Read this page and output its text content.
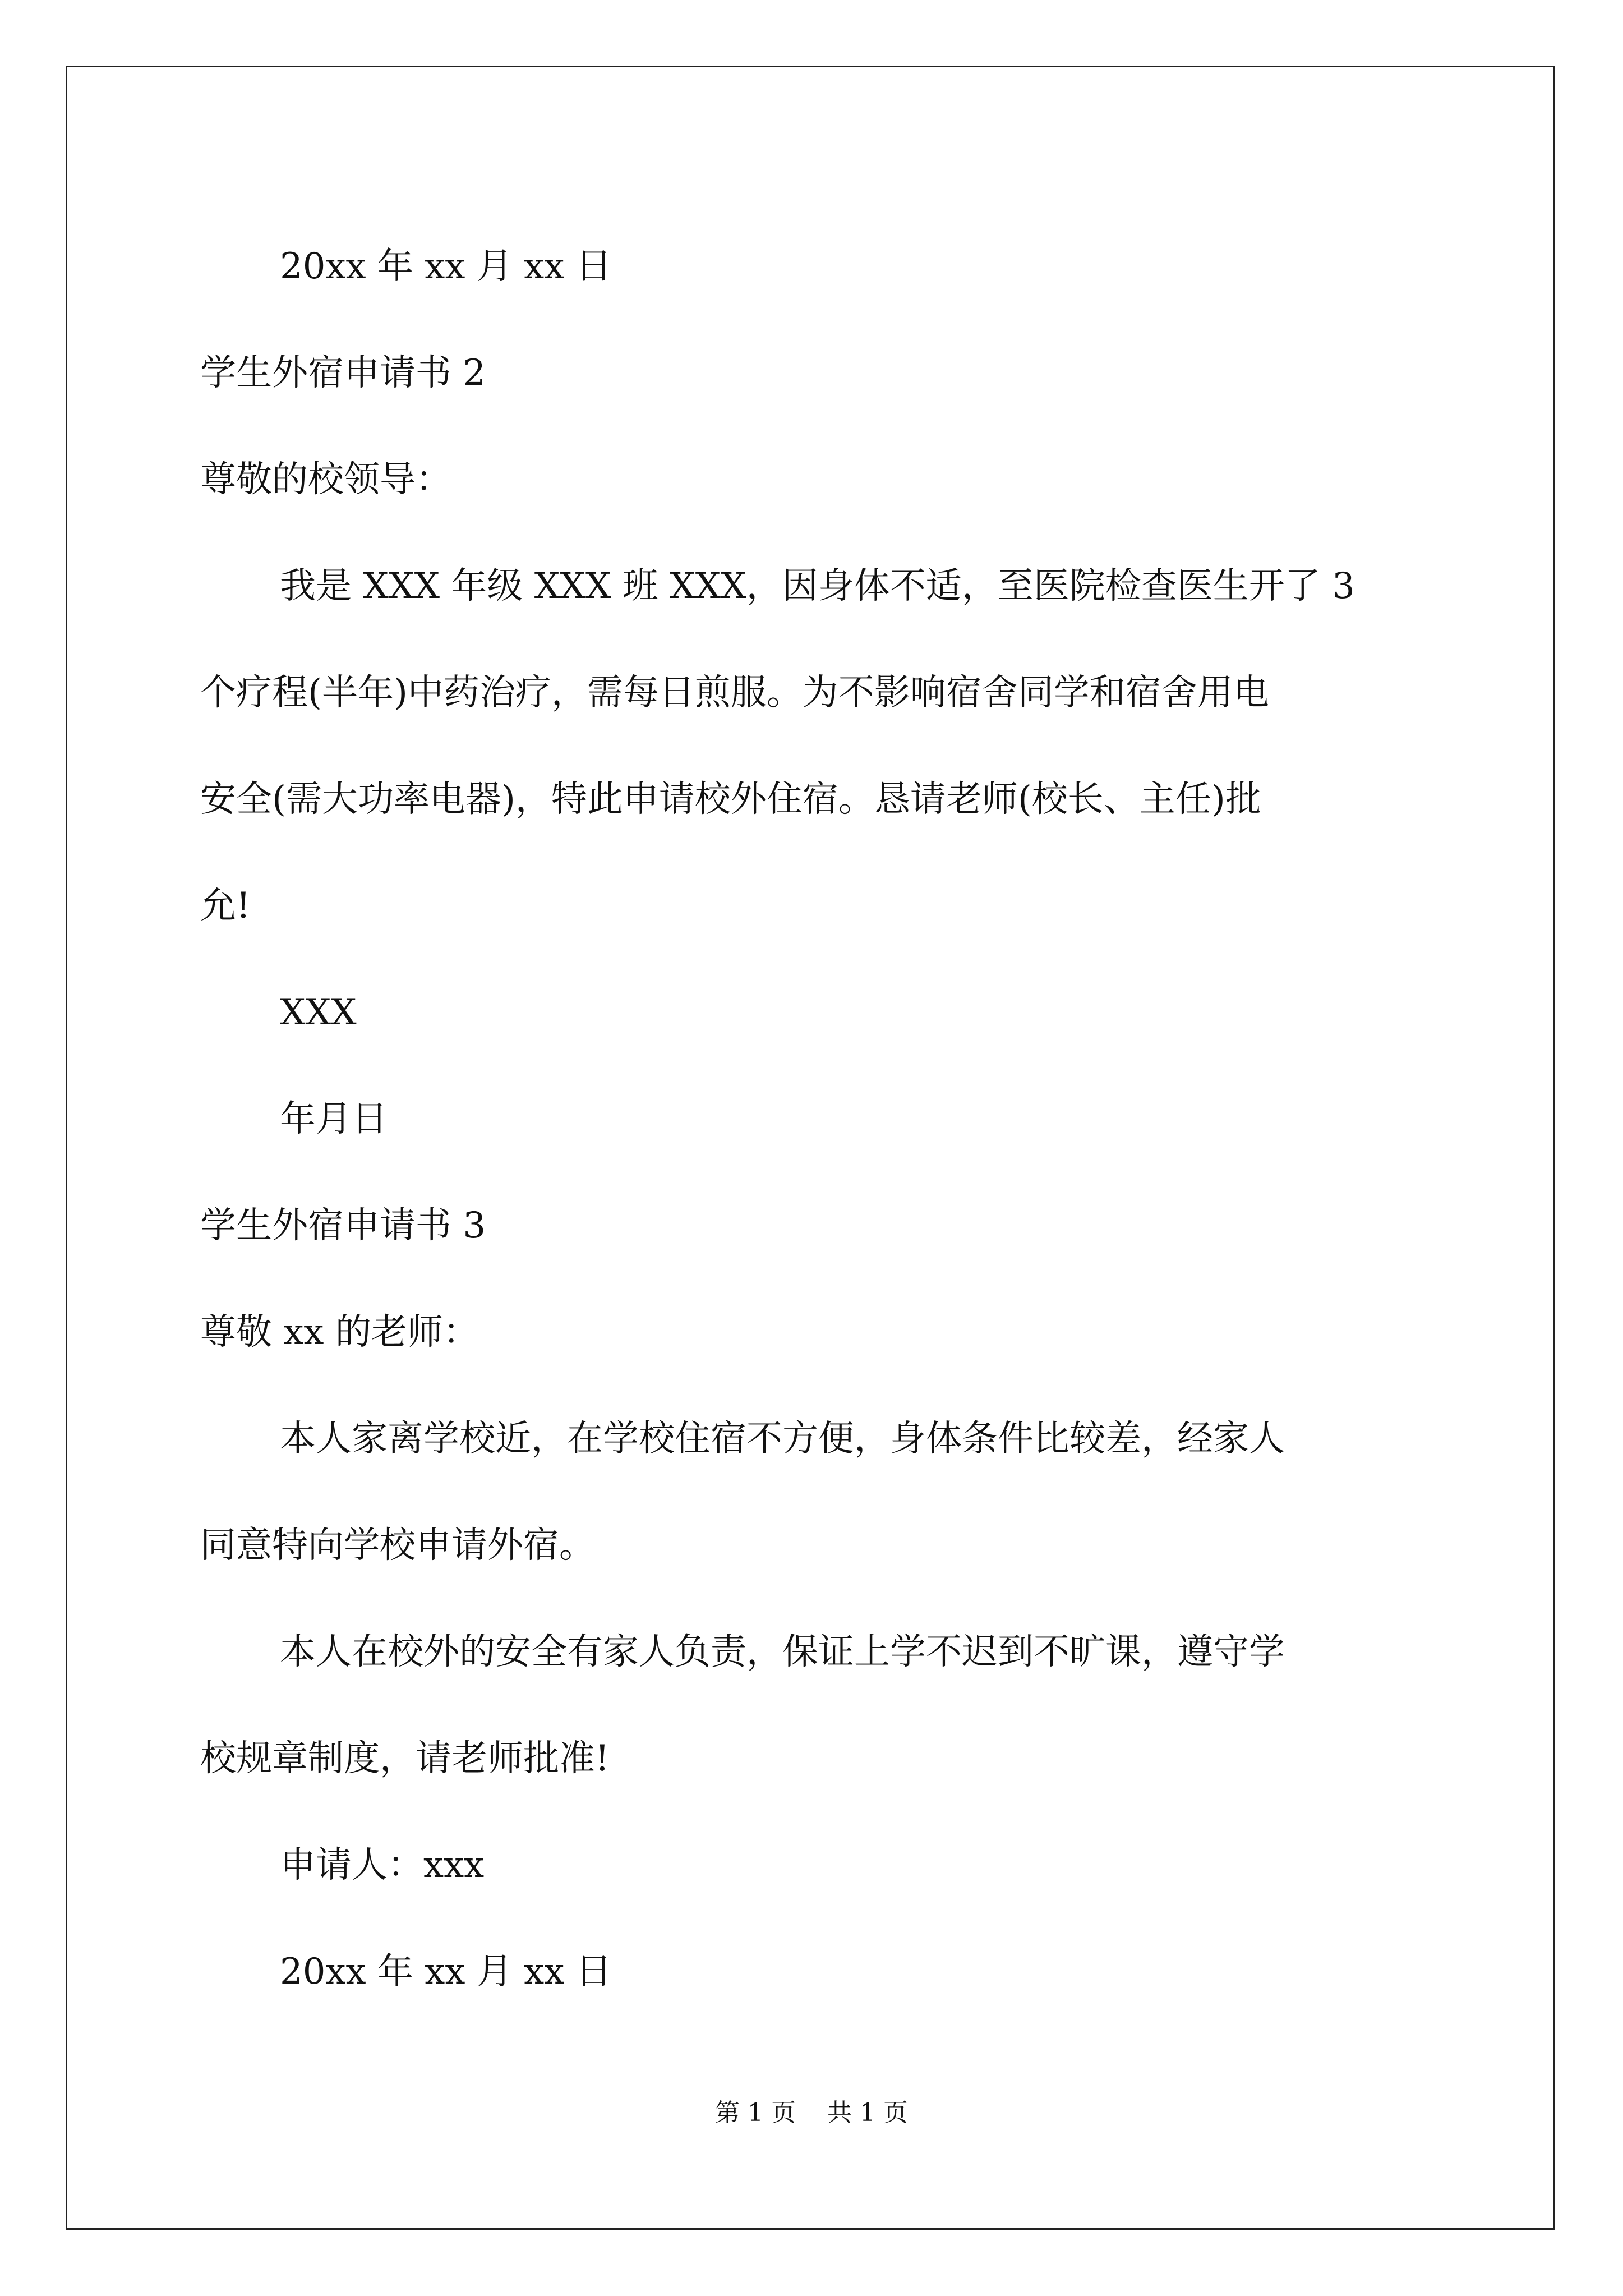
20xx 年 xx 月 xx 日

学生外宿申请书 2

尊敬的校领导：

我是 XXX 年级 XXX 班 XXX，因身体不适，至医院检查医生开了 3

个疗程(半年)中药治疗，需每日煎服。为不影响宿舍同学和宿舍用电

安全(需大功率电器)，特此申请校外住宿。恳请老师(校长、主任)批

允!

XXX

年月日

学生外宿申请书 3

尊敬 xx 的老师：

本人家离学校近，在学校住宿不方便，身体条件比较差，经家人

同意特向学校申请外宿。

本人在校外的安全有家人负责，保证上学不迟到不旷课，遵守学

校规章制度，请老师批准!

申请人：xxx

20xx 年 xx 月 xx 日

第 1 页    共 1 页
